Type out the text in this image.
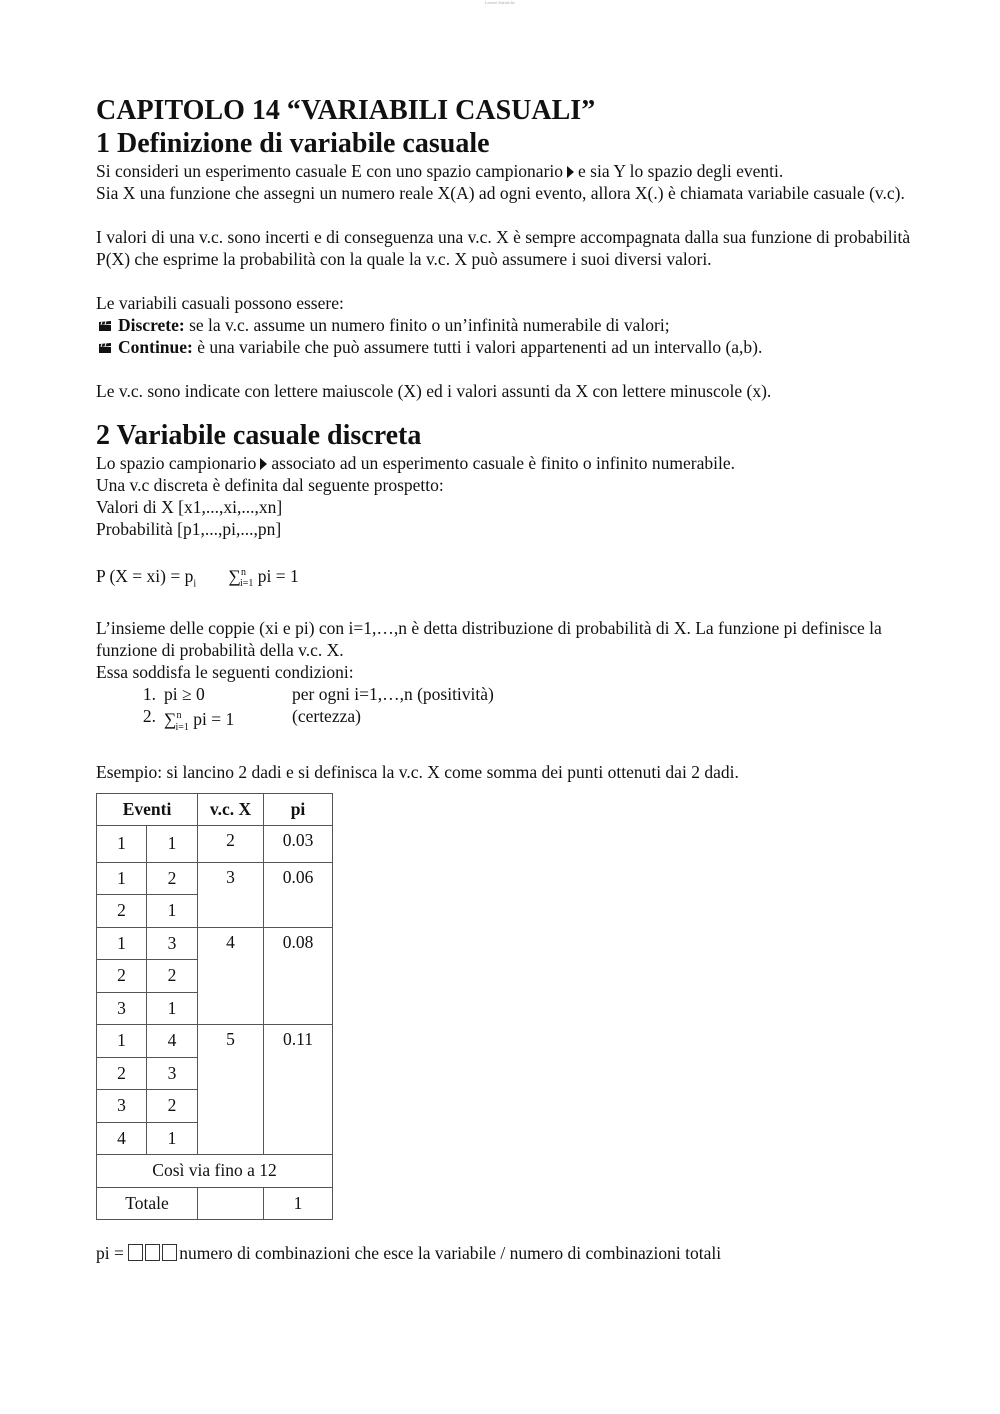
Lezioni Statistiche
CAPITOLO 14 “VARIABILI CASUALI”
1 Definizione di variabile casuale

Si consideri un esperimento casuale E con uno spazio campionario e sia Y lo spazio degli eventi.

Sia X una funzione che assegni un numero reale X(A) ad ogni evento, allora X(.) è chiamata variabile casuale (v.c).

I valori di una v.c. sono incerti e di conseguenza una v.c. X è sempre accompagnata dalla sua funzione di probabilità P(X) che esprime la probabilità con la quale la v.c. X può assumere i suoi diversi valori.

Le variabili casuali possono essere:

Discrete: se la v.c. assume un numero finito o un’infinità numerabile di valori;
Continue: è una variabile che può assumere tutti i valori appartenenti ad un intervallo (a,b).

Le v.c. sono indicate con lettere maiuscole (X) ed i valori assunti da X con lettere minuscole (x).

2 Variabile casuale discreta

Lo spazio campionario associato ad un esperimento casuale è finito o infinito numerabile.

Una v.c discreta è definita dal seguente prospetto:

Valori di X [x1,...,xi,...,xn]

Probabilità [p1,...,pi,...,pn]

P $(X = xi) = p_i$ ∑$^n_{i=1}$ pi = 1

L’insieme delle coppie (xi e pi) con i=1,…,n è detta distribuzione di probabilità di X. La funzione pi definisce la funzione di probabilità della v.c. X.

Essa soddisfa le seguenti condizioni:

1. pi ≥ 0	per ogni i=1,…,n (positività)
2. ∑$^n_{i=1}$ pi = 1	(certezza)

Esempio: si lancino 2 dadi e si definisca la v.c. X come somma dei punti ottenuti dai 2 dadi.

Eventi		v.c. X	pi
1	1	2	0.03
1	2	3	0.06
2	1		
1	3	4	0.08
2	2		
3	1		
1	4	5	0.11
2	3		
3	2		
4	1		
Così via fino a 12			
Totale			1
pi =	numero di combinazioni che esce la variabile / numero di combinazioni totali
